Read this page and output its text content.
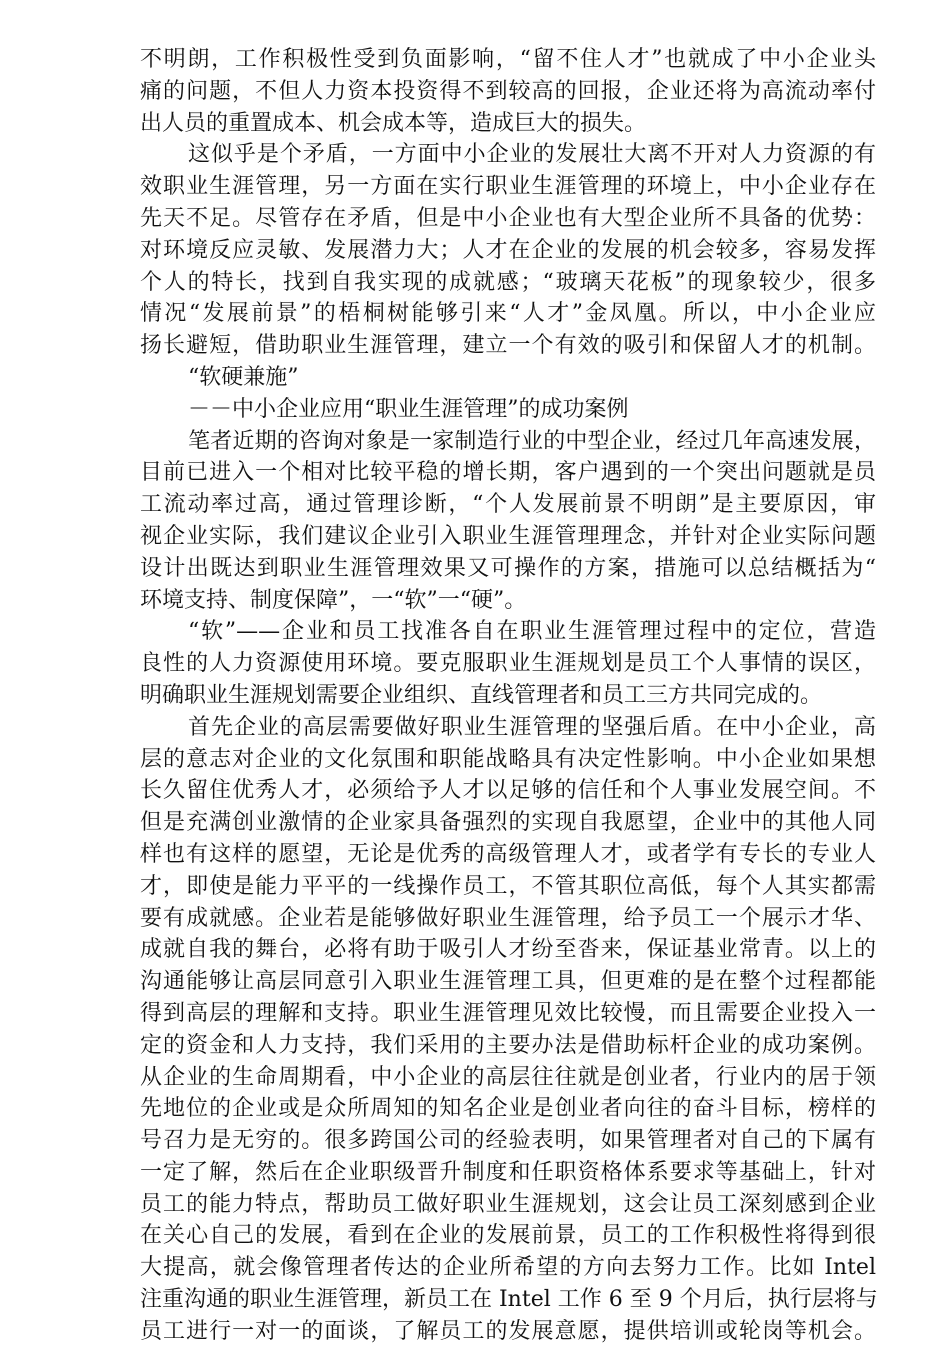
不明朗，工作积极性受到负面影响，“留不住人才”也就成了中小企业头
痛的问题，不但人力资本投资得不到较高的回报，企业还将为高流动率付
出人员的重置成本、机会成本等，造成巨大的损失。
这似乎是个矛盾，一方面中小企业的发展壮大离不开对人力资源的有
效职业生涯管理，另一方面在实行职业生涯管理的环境上，中小企业存在
先天不足。尽管存在矛盾，但是中小企业也有大型企业所不具备的优势：
对环境反应灵敏、发展潜力大；人才在企业的发展的机会较多，容易发挥
个人的特长，找到自我实现的成就感；“玻璃天花板”的现象较少，很多
情况“发展前景”的梧桐树能够引来“人才”金凤凰。所以，中小企业应
扬长避短，借助职业生涯管理，建立一个有效的吸引和保留人才的机制。
“软硬兼施”
－－中小企业应用“职业生涯管理”的成功案例
笔者近期的咨询对象是一家制造行业的中型企业，经过几年高速发展，
目前已进入一个相对比较平稳的增长期，客户遇到的一个突出问题就是员
工流动率过高，通过管理诊断，“个人发展前景不明朗”是主要原因，审
视企业实际，我们建议企业引入职业生涯管理理念，并针对企业实际问题
设计出既达到职业生涯管理效果又可操作的方案，措施可以总结概括为“
环境支持、制度保障”，一“软”一“硬”。
“软”——企业和员工找准各自在职业生涯管理过程中的定位，营造
良性的人力资源使用环境。要克服职业生涯规划是员工个人事情的误区，
明确职业生涯规划需要企业组织、直线管理者和员工三方共同完成的。
首先企业的高层需要做好职业生涯管理的坚强后盾。在中小企业，高
层的意志对企业的文化氛围和职能战略具有决定性影响。中小企业如果想
长久留住优秀人才，必须给予人才以足够的信任和个人事业发展空间。不
但是充满创业激情的企业家具备强烈的实现自我愿望，企业中的其他人同
样也有这样的愿望，无论是优秀的高级管理人才，或者学有专长的专业人
才，即使是能力平平的一线操作员工，不管其职位高低，每个人其实都需
要有成就感。企业若是能够做好职业生涯管理，给予员工一个展示才华、
成就自我的舞台，必将有助于吸引人才纷至沓来，保证基业常青。以上的
沟通能够让高层同意引入职业生涯管理工具，但更难的是在整个过程都能
得到高层的理解和支持。职业生涯管理见效比较慢，而且需要企业投入一
定的资金和人力支持，我们采用的主要办法是借助标杆企业的成功案例。
从企业的生命周期看，中小企业的高层往往就是创业者，行业内的居于领
先地位的企业或是众所周知的知名企业是创业者向往的奋斗目标，榜样的
号召力是无穷的。很多跨国公司的经验表明，如果管理者对自己的下属有
一定了解，然后在企业职级晋升制度和任职资格体系要求等基础上，针对
员工的能力特点，帮助员工做好职业生涯规划，这会让员工深刻感到企业
在关心自己的发展，看到在企业的发展前景，员工的工作积极性将得到很
大提高，就会像管理者传达的企业所希望的方向去努力工作。比如 Intel
注重沟通的职业生涯管理，新员工在 Intel 工作 6 至 9 个月后，执行层将与
员工进行一对一的面谈，了解员工的发展意愿，提供培训或轮岗等机会。
